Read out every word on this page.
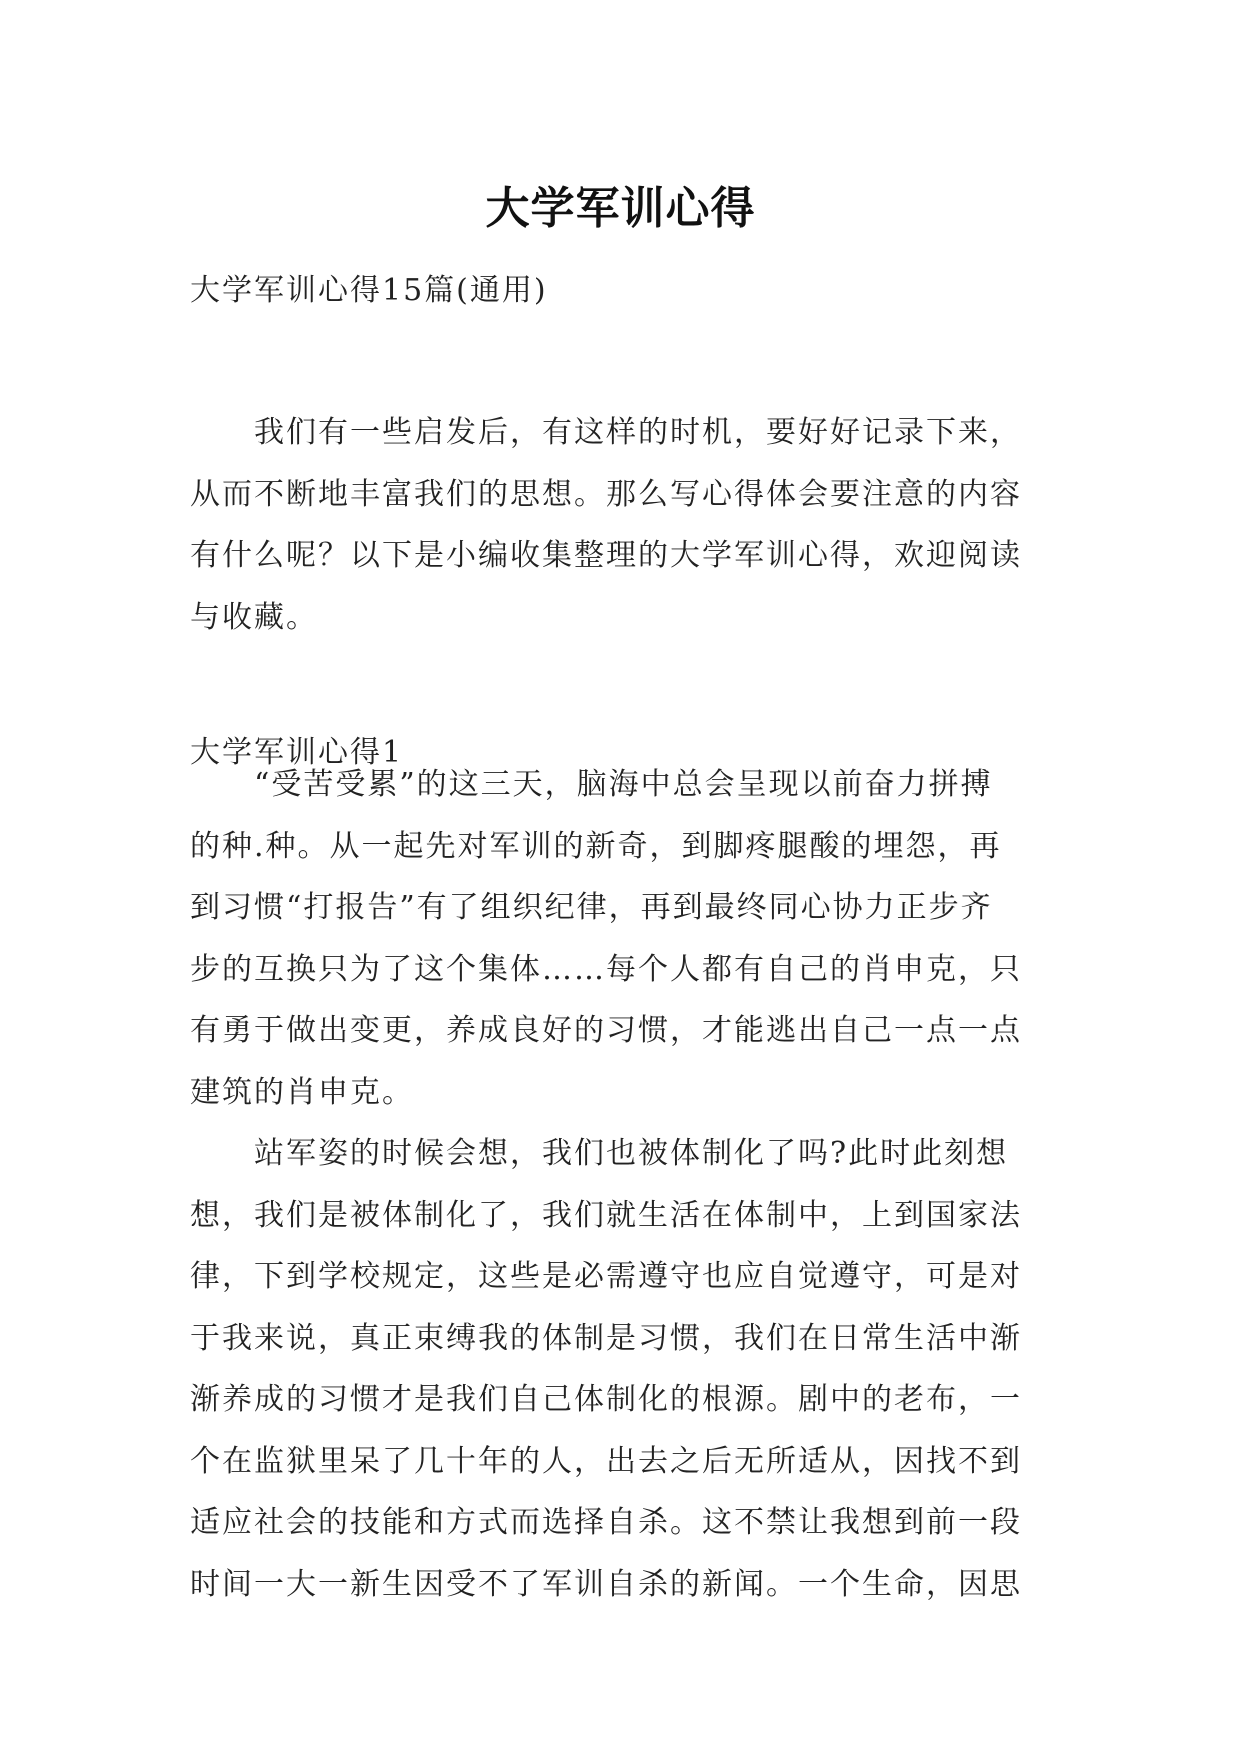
大学军训心得

大学军训心得15篇(通用)

我们有一些启发后，有这样的时机，要好好记录下来，

从而不断地丰富我们的思想。那么写心得体会要注意的内容
有什么呢？以下是小编收集整理的大学军训心得，欢迎阅读
与收藏。

大学军训心得1

“受苦受累”的这三天，脑海中总会呈现以前奋力拼搏

的种.种。从一起先对军训的新奇，到脚疼腿酸的埋怨，再
到习惯“打报告”有了组织纪律，再到最终同心协力正步齐
步的互换只为了这个集体……每个人都有自己的肖申克，只
有勇于做出变更，养成良好的习惯，才能逃出自己一点一点
建筑的肖申克。

站军姿的时候会想，我们也被体制化了吗?此时此刻想

想，我们是被体制化了，我们就生活在体制中，上到国家法
律，下到学校规定，这些是必需遵守也应自觉遵守，可是对
于我来说，真正束缚我的体制是习惯，我们在日常生活中渐
渐养成的习惯才是我们自己体制化的根源。剧中的老布，一
个在监狱里呆了几十年的人，出去之后无所适从，因找不到
适应社会的技能和方式而选择自杀。这不禁让我想到前一段
时间一大一新生因受不了军训自杀的新闻。一个生命，因思
